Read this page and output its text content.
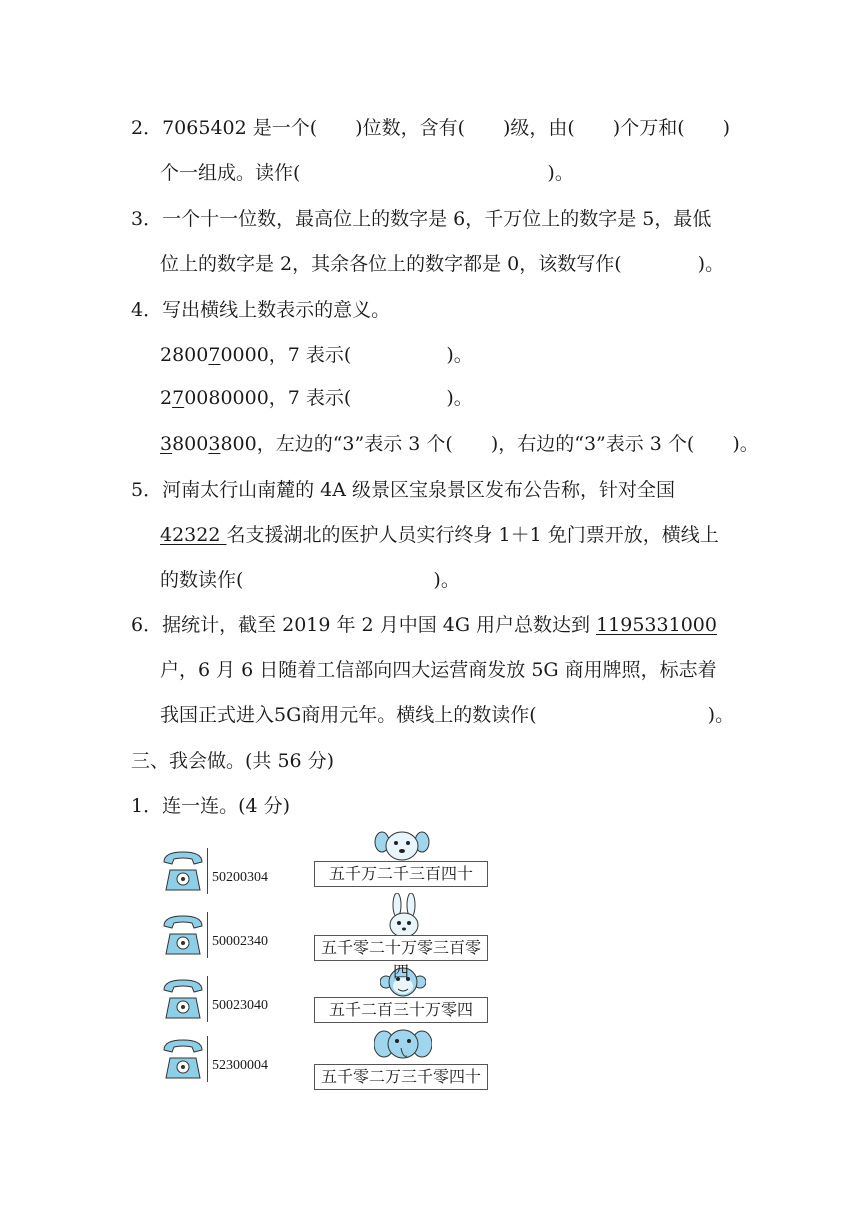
2．7065402 是一个(　　)位数，含有(　　)级，由(　　)个万和(　　)
个一组成。读作(　　　　　　　　　　　　　)。
3．一个十一位数，最高位上的数字是 6，千万位上的数字是 5，最低
位上的数字是 2，其余各位上的数字都是 0，该数写作(　　　　)。
4．写出横线上数表示的意义。
280070000，7 表示(　　　　　)。
270080000，7 表示(　　　　　)。
38003800，左边的“3”表示 3 个(　　)，右边的“3”表示 3 个(　　)。
5．河南太行山南麓的 4A 级景区宝泉景区发布公告称，针对全国
42322 名支援湖北的医护人员实行终身 1＋1 免门票开放，横线上
的数读作(　　　　　　　　　　)。
6．据统计，截至 2019 年 2 月中国 4G 用户总数达到 1195331000
户，6 月 6 日随着工信部向四大运营商发放 5G 商用牌照，标志着
我国正式进入5G商用元年。横线上的数读作(　　　　　　　　　)。
三、我会做。(共 56 分)
1．连一连。(4 分)
50200304
50002340
50023040
52300004
五千万二千三百四十
五千零二十万零三百零四
五千二百三十万零四
五千零二万三千零四十
